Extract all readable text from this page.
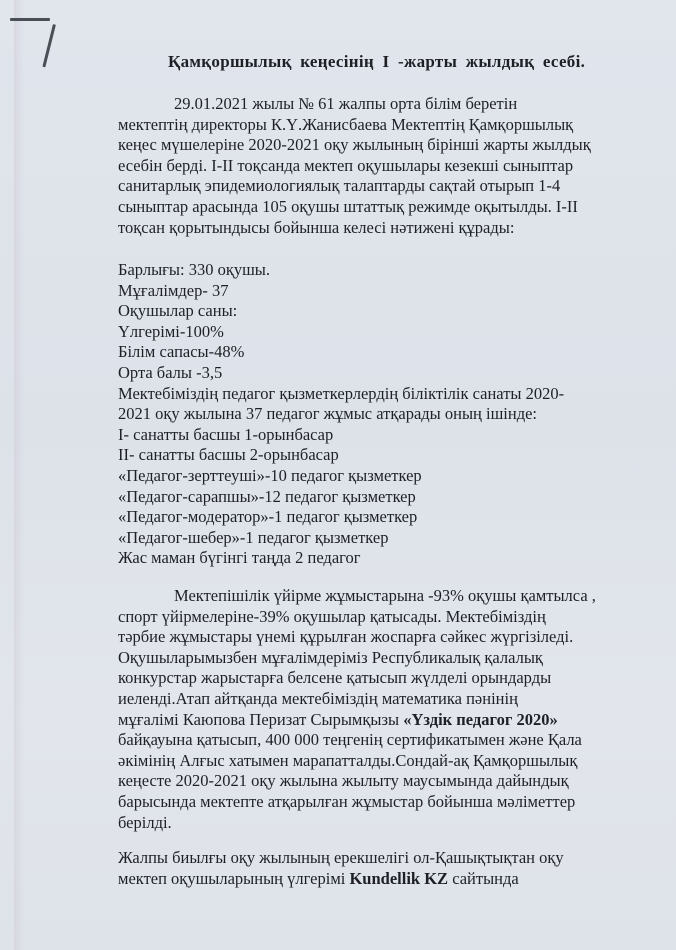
Қамқоршылық кеңесінің І -жарты жылдық есебі.

29.01.2021 жылы № 61 жалпы орта білім беретін

мектептің директоры К.Ү.Жанисбаева Мектептің Қамқоршылық

кеңес мүшелеріне 2020-2021 оқу жылының бірінші жарты жылдық

есебін берді. І-ІІ тоқсанда мектеп оқушылары кезекші сыныптар

санитарлық эпидемиологиялық талаптарды сақтай отырып 1-4

сыныптар арасында 105 оқушы штаттық режимде оқытылды. І-ІІ

тоқсан қорытындысы бойынша келесі нәтижені құрады:

Барлығы: 330 оқушы.

Мұғалімдер- 37

Оқушылар саны:

Үлгерімі-100%

Білім сапасы-48%

Орта балы -3,5

Мектебіміздің педагог қызметкерлердің біліктілік санаты 2020-

2021 оқу жылына 37 педагог жұмыс атқарады оның ішінде:

І- санатты басшы 1-орынбасар

ІІ- санатты басшы 2-орынбасар

«Педагог-зерттеуші»-10 педагог қызметкер

«Педагог-сарапшы»-12 педагог қызметкер

«Педагог-модератор»-1 педагог қызметкер

«Педагог-шебер»-1 педагог қызметкер

Жас маман бүгінгі таңда 2 педагог

Мектепішілік үйірме жұмыстарына -93% оқушы қамтылса ,

спорт үйірмелеріне-39% оқушылар қатысады. Мектебіміздің

тәрбие жұмыстары үнемі құрылған жоспарға сәйкес жүргізіледі.

Оқушыларымызбен мұғалімдеріміз Республикалық қалалық

конкурстар жарыстарға белсене қатысып жүлделі орындарды

иеленді.Атап айтқанда мектебіміздің математика пәнінің

мұғалімі Каюпова Перизат Сырымқызы «Үздік педагог 2020»

байқауына қатысып, 400 000 теңгенің сертификатымен және Қала

әкімінің Алғыс хатымен марапатталды.Сондай-ақ Қамқоршылық

кеңесте 2020-2021 оқу жылына жылыту маусымында дайындық

барысында мектепте атқарылған жұмыстар бойынша мәліметтер

берілді.

Жалпы биылғы оқу жылының ерекшелігі ол-Қашықтықтан оқу

мектеп оқушыларының үлгерімі Kundellik KZ сайтында
